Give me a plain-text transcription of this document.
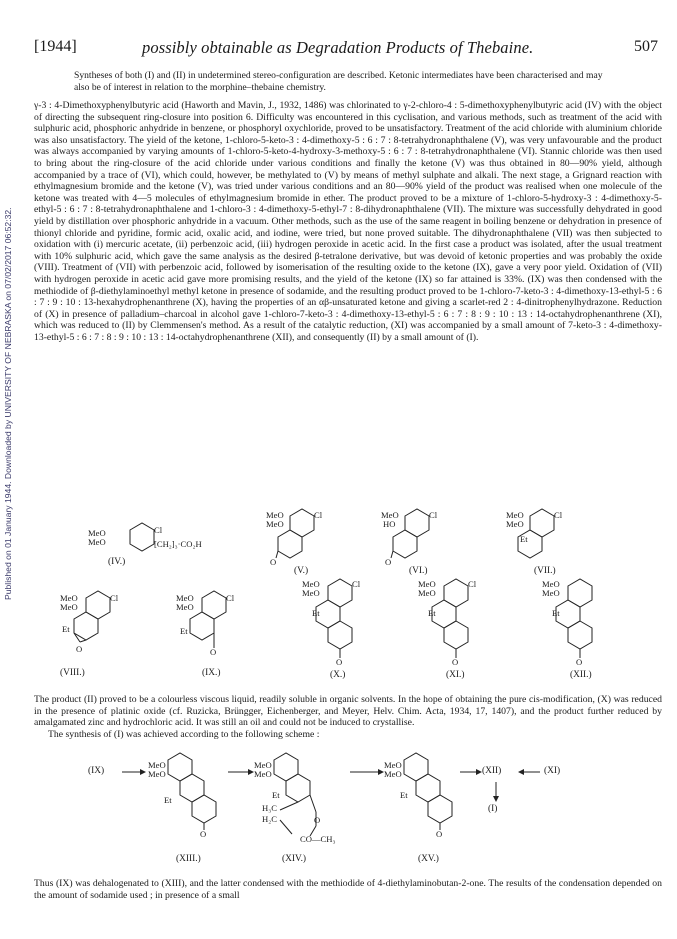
[1944]	possibly obtainable as Degradation Products of Thebaine.	507
Published on 01 January 1944. Downloaded by UNIVERSITY OF NEBRASKA on 07/02/2017 06:52:32.
Syntheses of both (I) and (II) in undetermined stereo-configuration are described. Ketonic intermediates have been characterised and may also be of interest in relation to the morphine–thebaine chemistry.

γ-3 : 4-Dimethoxyphenylbutyric acid (Haworth and Mavin, J., 1932, 1486) was chlorinated to γ-2-chloro-4 : 5-dimethoxyphenylbutyric acid (IV) with the object of directing the subsequent ring-closure into position 6. Difficulty was encountered in this cyclisation, and various methods, such as treatment of the acid with sulphuric acid, phosphoric anhydride in benzene, or phosphoryl oxychloride, proved to be unsatisfactory. Treatment of the acid chloride with aluminium chloride was also unsatisfactory. The yield of the ketone, 1-chloro-5-keto-3 : 4-dimethoxy-5 : 6 : 7 : 8-tetrahydronaphthalene (V), was very unfavourable and the product was always accompanied by varying amounts of 1-chloro-5-keto-4-hydroxy-3-methoxy-5 : 6 : 7 : 8-tetrahydronaphthalene (VI). Stannic chloride was then used to bring about the ring-closure of the acid chloride under various conditions and finally the ketone (V) was thus obtained in 80—90% yield, although accompanied by a trace of (VI), which could, however, be methylated to (V) by means of methyl sulphate and alkali. The next stage, a Grignard reaction with ethylmagnesium bromide and the ketone (V), was tried under various conditions and an 80—90% yield of the product was realised when one molecule of the ketone was treated with 4—5 molecules of ethylmagnesium bromide in ether. The product proved to be a mixture of 1-chloro-5-hydroxy-3 : 4-dimethoxy-5-ethyl-5 : 6 : 7 : 8-tetrahydronaphthalene and 1-chloro-3 : 4-dimethoxy-5-ethyl-7 : 8-dihydronaphthalene (VII). The mixture was successfully dehydrated in good yield by distillation over phosphoric anhydride in a vacuum. Other methods, such as the use of the same reagent in boiling benzene or dehydration in presence of thionyl chloride and pyridine, formic acid, oxalic acid, and iodine, were tried, but none proved suitable. The dihydronaphthalene (VII) was then subjected to oxidation with (i) mercuric acetate, (ii) perbenzoic acid, (iii) hydrogen peroxide in acetic acid. In the first case a product was isolated, after the usual treatment with 10% sulphuric acid, which gave the same analysis as the desired β-tetralone derivative, but was devoid of ketonic properties and was probably the oxide (VIII). Treatment of (VII) with perbenzoic acid, followed by isomerisation of the resulting oxide to the ketone (IX), gave a very poor yield. Oxidation of (VII) with hydrogen peroxide in acetic acid gave more promising results, and the yield of the ketone (IX) so far attained is 33%. (IX) was then condensed with the methiodide of β-diethylaminoethyl methyl ketone in presence of sodamide, and the resulting product proved to be 1-chloro-7-keto-3 : 4-dimethoxy-13-ethyl-5 : 6 : 7 : 9 : 10 : 13-hexahydrophenanthrene (X), having the properties of an αβ-unsaturated ketone and giving a scarlet-red 2 : 4-dinitrophenylhydrazone. Reduction of (X) in presence of palladium–charcoal in alcohol gave 1-chloro-7-keto-3 : 4-dimethoxy-13-ethyl-5 : 6 : 7 : 8 : 9 : 10 : 13 : 14-octahydrophenanthrene (XI), which was reduced to (II) by Clemmensen's method. As a result of the catalytic reduction, (XI) was accompanied by a small amount of 7-keto-3 : 4-dimethoxy-13-ethyl-5 : 6 : 7 : 8 : 9 : 10 : 13 : 14-octahydrophenanthrene (XII), and consequently (II) by a small amount of (I).

MeO
MeO
Cl
[CH₂]₃·CO₂H
(IV.)
MeO
MeO
Cl
O
(V.)
MeO
HO
Cl
O
(VI.)
MeO
MeO
Cl
Et
(VII.)
MeO
MeO
Cl
Et
O
(VIII.)
MeO
MeO
Cl
Et
O
(IX.)
MeO
MeO
Cl
Et
O
(X.)
MeO
MeO
Cl
Et
O
(XI.)
MeO
MeO
Et
O
(XII.)

The product (II) proved to be a colourless viscous liquid, readily soluble in organic solvents. In the hope of obtaining the pure cis-modification, (X) was reduced in the presence of platinic oxide (cf. Ruzicka, Brüngger, Eichenberger, and Meyer, Helv. Chim. Acta, 1934, 17, 1407), and the product further reduced by amalgamated zinc and hydrochloric acid. It was still an oil and could not be induced to crystallise.

The synthesis of (I) was achieved according to the following scheme :

(IX)
MeO
MeO
Et
O
(XIII.)
MeO
MeO
Et
H₃C
H₂C	O
CO—CH₃
(XIV.)
MeO
MeO
Et
O
(XV.)
(XII)	(XI)
(I)

Thus (IX) was dehalogenated to (XIII), and the latter condensed with the methiodide of 4-diethylaminobutan-2-one. The results of the condensation depended on the amount of sodamide used ; in presence of a small
